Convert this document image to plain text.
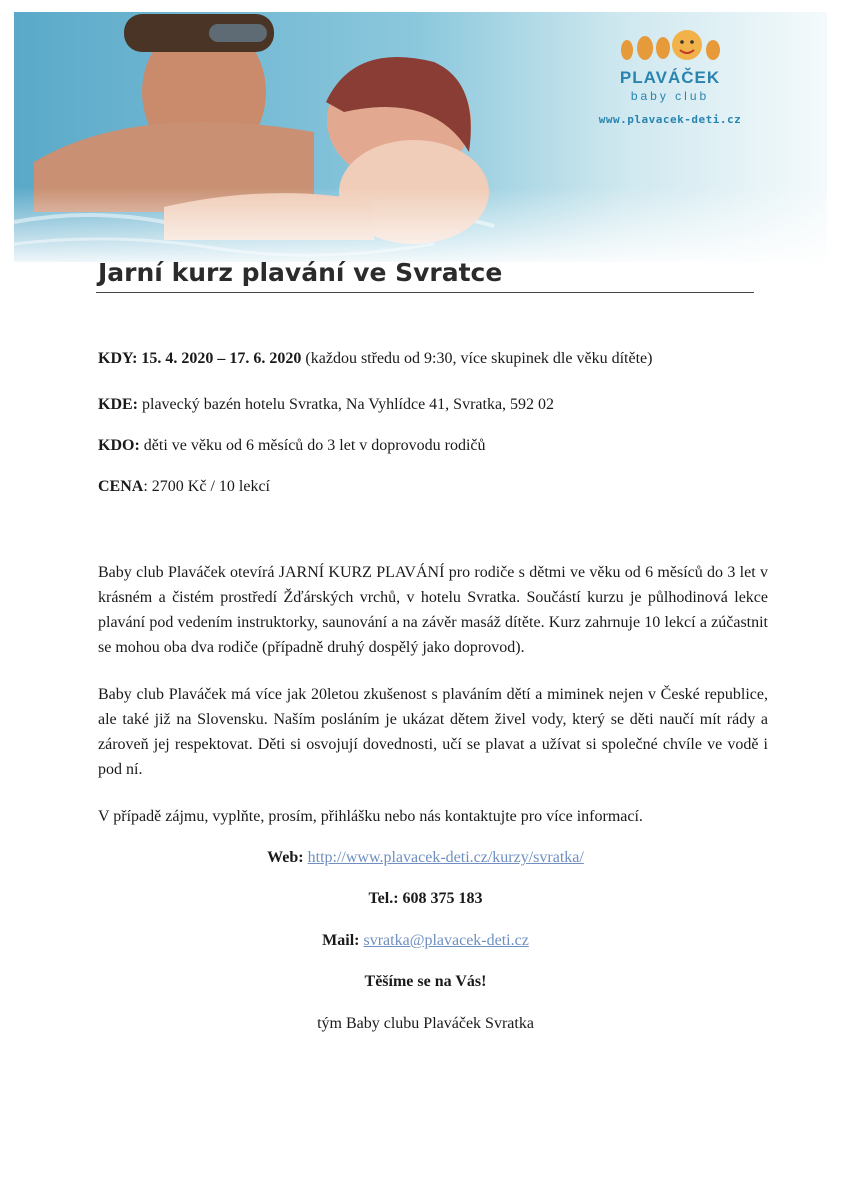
PLAVÁČEK
baby club
www.plavacek-deti.cz
Jarní kurz plavání ve Svratce

KDY: 15. 4. 2020 – 17. 6. 2020 (každou středu od 9:30, více skupinek dle věku dítěte)

KDE: plavecký bazén hotelu Svratka, Na Vyhlídce 41, Svratka, 592 02

KDO: děti ve věku od 6 měsíců do 3 let v doprovodu rodičů

CENA: 2700 Kč / 10 lekcí

Baby club Plaváček otevírá JARNÍ KURZ PLAVÁNÍ pro rodiče s dětmi ve věku od 6 měsíců do 3 let v krásném a čistém prostředí Žďárských vrchů, v hotelu Svratka. Součástí kurzu je půlhodinová lekce plavání pod vedením instruktorky, saunování a na závěr masáž dítěte. Kurz zahrnuje 10 lekcí a zúčastnit se mohou oba dva rodiče (případně druhý dospělý jako doprovod).

Baby club Plaváček má více jak 20letou zkušenost s plaváním dětí a miminek nejen v České republice, ale také již na Slovensku. Naším posláním je ukázat dětem živel vody, který se děti naučí mít rády a zároveň jej respektovat. Děti si osvojují dovednosti, učí se plavat a užívat si společné chvíle ve vodě i pod ní.

V případě zájmu, vyplňte, prosím, přihlášku nebo nás kontaktujte pro více informací.

Web: http://www.plavacek-deti.cz/kurzy/svratka/

Tel.: 608 375 183

Mail: svratka@plavacek-deti.cz

Těšíme se na Vás!

tým Baby clubu Plaváček Svratka
